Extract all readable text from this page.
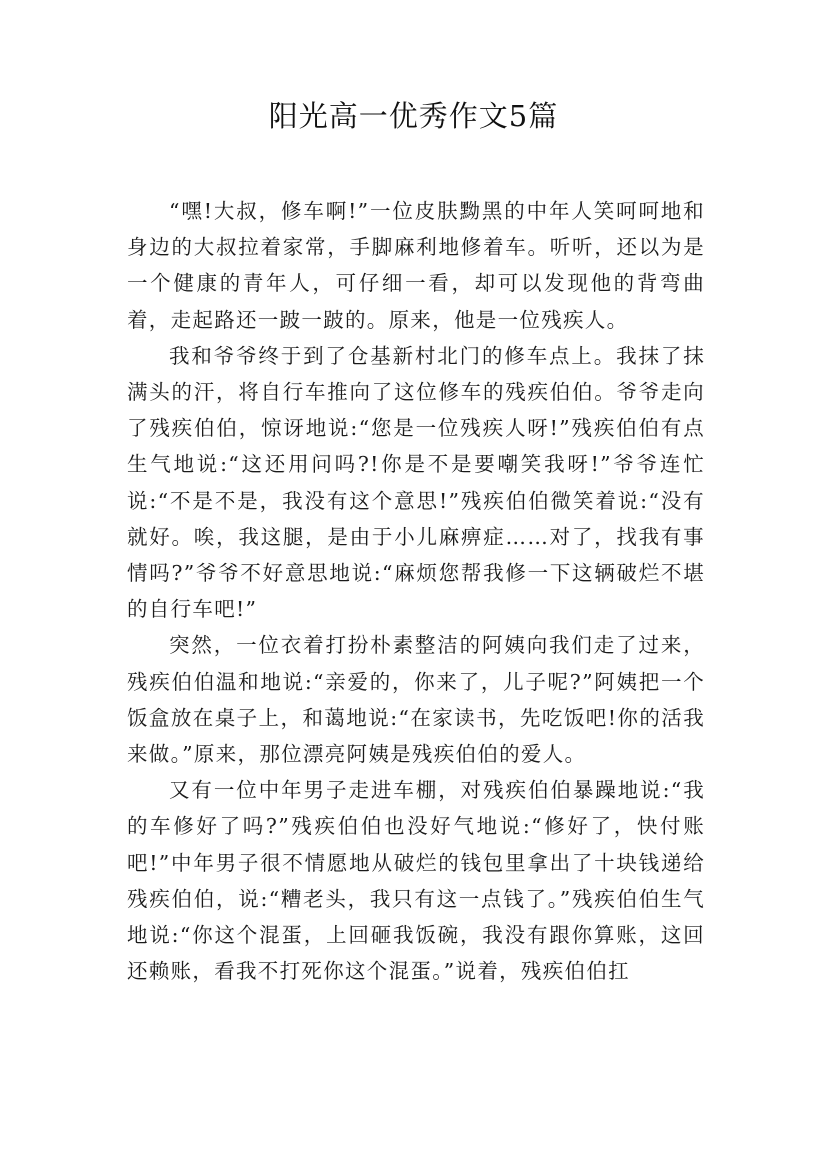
阳光高一优秀作文5篇

“嘿!大叔，修车啊!”一位皮肤黝黑的中年人笑呵呵地和身边的大叔拉着家常，手脚麻利地修着车。听听，还以为是一个健康的青年人，可仔细一看，却可以发现他的背弯曲着，走起路还一跛一跛的。原来，他是一位残疾人。

我和爷爷终于到了仓基新村北门的修车点上。我抹了抹满头的汗，将自行车推向了这位修车的残疾伯伯。爷爷走向了残疾伯伯，惊讶地说:“您是一位残疾人呀!”残疾伯伯有点生气地说:“这还用问吗?!你是不是要嘲笑我呀!”爷爷连忙说:“不是不是，我没有这个意思!”残疾伯伯微笑着说:“没有就好。唉，我这腿，是由于小儿麻痹症……对了，找我有事情吗?”爷爷不好意思地说:“麻烦您帮我修一下这辆破烂不堪的自行车吧!”

突然，一位衣着打扮朴素整洁的阿姨向我们走了过来，残疾伯伯温和地说:“亲爱的，你来了，儿子呢?”阿姨把一个饭盒放在桌子上，和蔼地说:“在家读书，先吃饭吧!你的活我来做。”原来，那位漂亮阿姨是残疾伯伯的爱人。

又有一位中年男子走进车棚，对残疾伯伯暴躁地说:“我的车修好了吗?”残疾伯伯也没好气地说:“修好了，快付账吧!”中年男子很不情愿地从破烂的钱包里拿出了十块钱递给残疾伯伯，说:“糟老头，我只有这一点钱了。”残疾伯伯生气地说:“你这个混蛋，上回砸我饭碗，我没有跟你算账，这回还赖账，看我不打死你这个混蛋。”说着，残疾伯伯扛
